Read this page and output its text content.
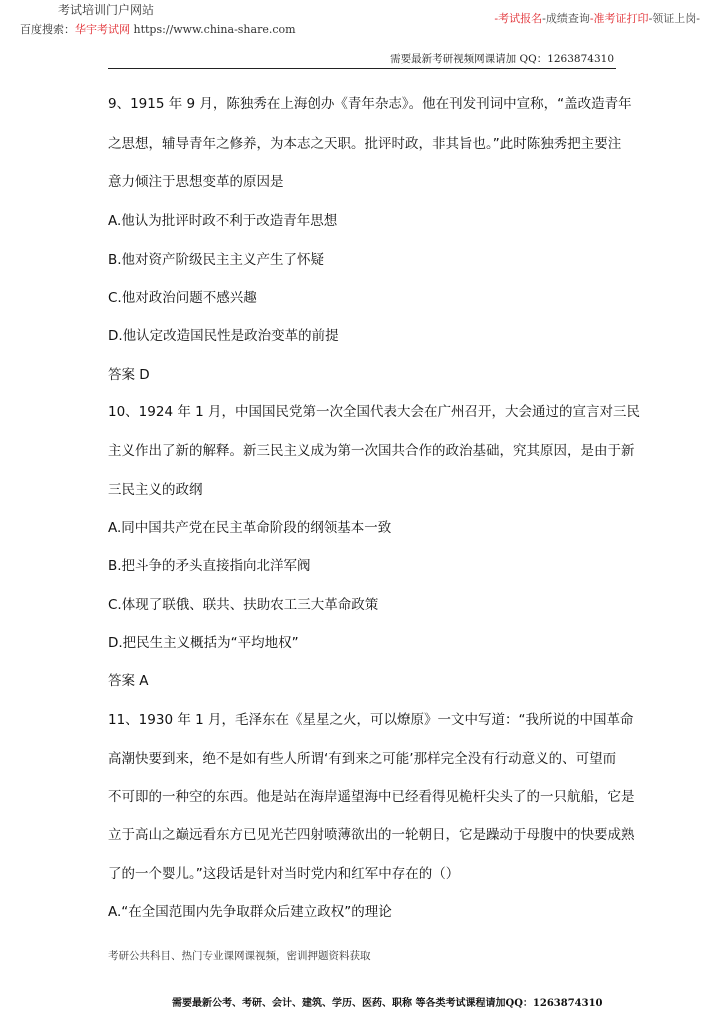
考试培训门户网站
百度搜索：华宇考试网 https://www.china-share.com
-考试报名-成绩查询-准考证打印-领证上岗-
需要最新考研视频网课请加 QQ：1263874310
9、1915 年 9 月，陈独秀在上海创办《青年杂志》。他在刊发刊词中宣称，“盖改造青年
之思想，辅导青年之修养，为本志之天职。批评时政，非其旨也。”此时陈独秀把主要注
意力倾注于思想变革的原因是
A.他认为批评时政不利于改造青年思想
B.他对资产阶级民主主义产生了怀疑
C.他对政治问题不感兴趣
D.他认定改造国民性是政治变革的前提
答案 D
10、1924 年 1 月，中国国民党第一次全国代表大会在广州召开，大会通过的宣言对三民
主义作出了新的解释。新三民主义成为第一次国共合作的政治基础，究其原因，是由于新
三民主义的政纲
A.同中国共产党在民主革命阶段的纲领基本一致
B.把斗争的矛头直接指向北洋军阀
C.体现了联俄、联共、扶助农工三大革命政策
D.把民生主义概括为“平均地权”
答案 A
11、1930 年 1 月，毛泽东在《星星之火，可以燎原》一文中写道：“我所说的中国革命
高潮快要到来，绝不是如有些人所谓‘有到来之可能’那样完全没有行动意义的、可望而
不可即的一种空的东西。他是站在海岸遥望海中已经看得见桅杆尖头了的一只航船，它是
立于高山之巅远看东方已见光芒四射喷薄欲出的一轮朝日，它是躁动于母腹中的快要成熟
了的一个婴儿。”这段话是针对当时党内和红军中存在的（）
A.“在全国范围内先争取群众后建立政权”的理论
考研公共科目、热门专业课网课视频，密训押题资料获取
需要最新公考、考研、会计、建筑、学历、医药、职称 等各类考试课程请加QQ：1263874310
